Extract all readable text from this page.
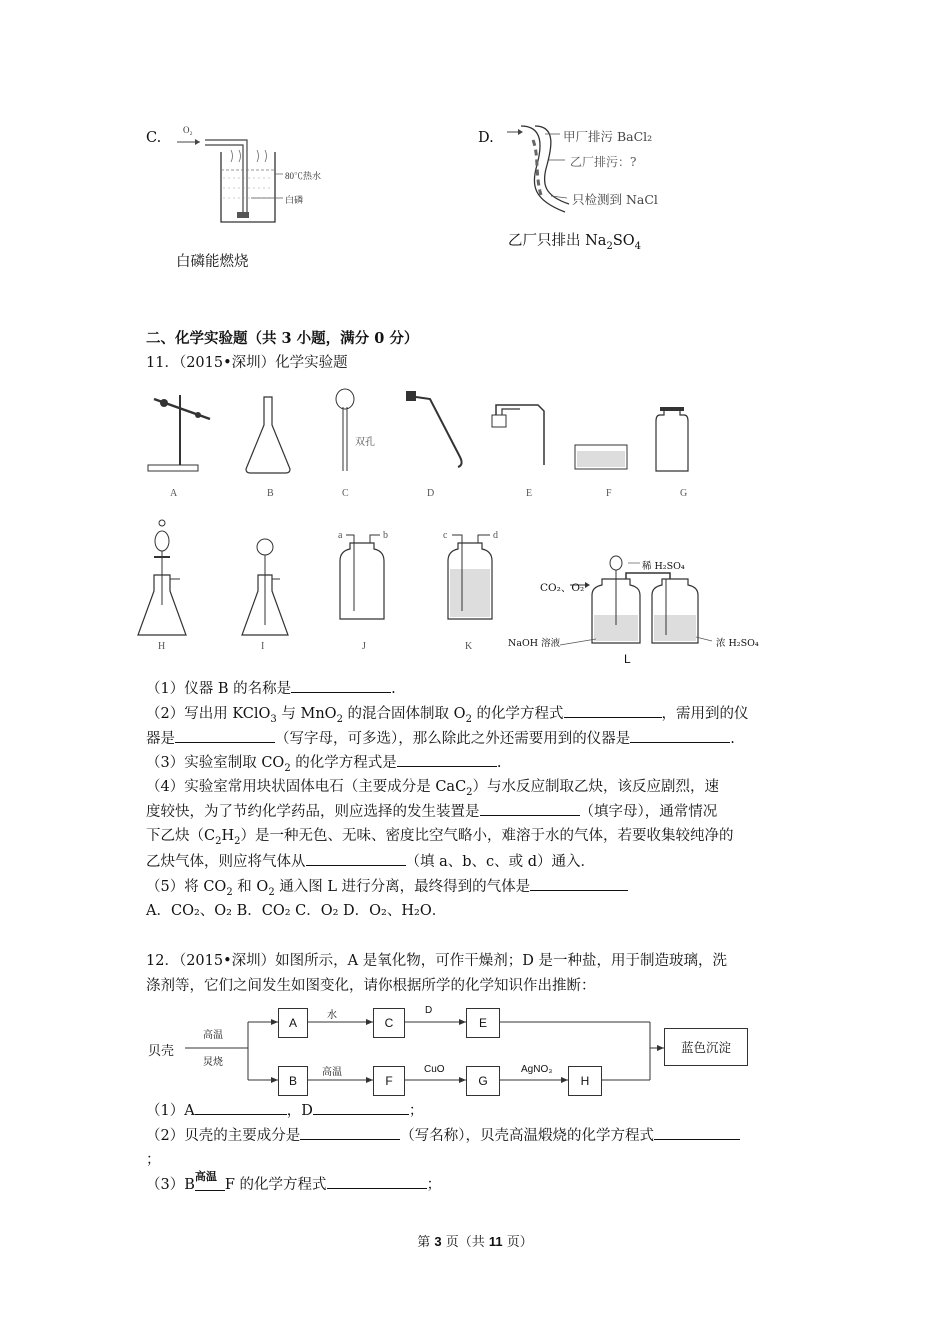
C. O₂
80℃热水
白磷
白磷能燃烧
D.	甲厂排污 BaCl₂
乙厂排污：?
只检测到 NaCl
乙厂只排出 $Na_2SO_4$
二、化学实验题（共 3 小题，满分 0 分）
11．（2015•深圳）化学实验题
双孔
A	B	C	D	E	F	G
H	I	J	K
a	b	c	d
CO₂、O₂
稀 H₂SO₄
NaOH 溶液	浓 H₂SO₄
L
（1）仪器 B 的名称是	.
（2）写出用 KClO$_3$ 与 MnO$_2$ 的混合固体制取 $O_2$ 的化学方程式	，需用到的仪
器是	（写字母，可多选），那么除此之外还需要用到的仪器是	.
（3）实验室制取 $CO_2$ 的化学方程式是	.
（4）实验室常用块状固体电石（主要成分是 CaC$_2$）与水反应制取乙炔，该反应剧烈，速
度较快，为了节约化学药品，则应选择的发生装置是	（填字母），通常情况
下乙炔$(C_2H_2)$是一种无色、无味、密度比空气略小，难溶于水的气体，若要收集较纯净的
乙炔气体，则应将气体从	（填 a、b、c、或 d）通入．
（5）将 $CO_2$ 和 $O_2$ 通入图 L 进行分离，最终得到的气体是
A．CO₂、O₂ B．CO₂ C．O₂ D．O₂、H₂O．
12．（2015•深圳）如图所示，A 是氧化物，可作干燥剂；D 是一种盐，用于制造玻璃，洗
涤剂等，它们之间发生如图变化，请你根据所学的化学知识作出推断：
贝壳
高温
炅烧
A	C	E
B	F	G	H
蓝色沉淀
水	D
高温	CuO	AgNO₃
（1）A	，D	；
（2）贝壳的主要成分是	（写名称），贝壳高温煅烧的化学方程式
；
（3）B
高温
F 的化学方程式	；
第 3 页（共 11 页）
